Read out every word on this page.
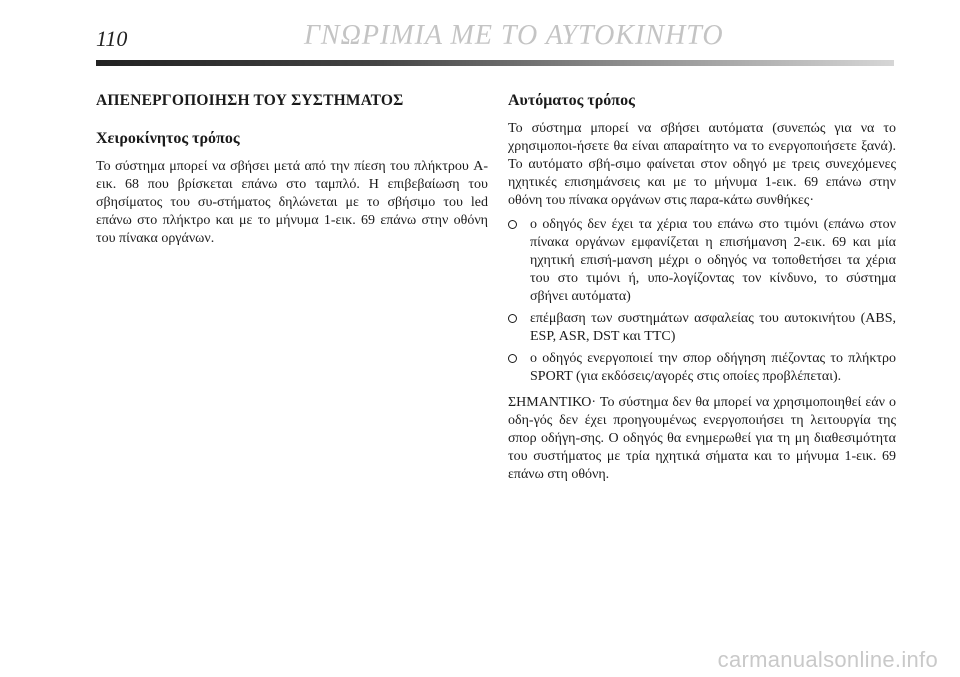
110	ΓΝΩΡΙΜΙΑ ΜΕ ΤΟ ΑΥΤΟΚΙΝΗΤΟ
ΑΠΕΝΕΡΓΟΠΟΙΗΣΗ ΤΟΥ ΣΥΣΤΗΜΑΤΟΣ
Χειροκίνητος τρόπος

Το σύστημα μπορεί να σβήσει μετά από την πίεση του πλήκτρου A-εικ. 68 που βρίσκεται επάνω στο ταμπλό. Η επιβεβαίωση του σβησίματος του συ-στήματος δηλώνεται με το σβήσιμο του led επάνω στο πλήκτρο και με το μήνυμα 1-εικ. 69 επάνω στην οθόνη του πίνακα οργάνων.

Αυτόματος τρόπος

Το σύστημα μπορεί να σβήσει αυτόματα (συνεπώς για να το χρησιμοποι-ήσετε θα είναι απαραίτητο να το ενεργοποιήσετε ξανά). Το αυτόματο σβή-σιμο φαίνεται στον οδηγό με τρεις συνεχόμενες ηχητικές επισημάνσεις και με το μήνυμα 1-εικ. 69 επάνω στην οθόνη του πίνακα οργάνων στις παρα-κάτω συνθήκες·

ο οδηγός δεν έχει τα χέρια του επάνω στο τιμόνι (επάνω στον πίνακα οργάνων εμφανίζεται η επισήμανση 2-εικ. 69 και μία ηχητική επισή-μανση μέχρι ο οδηγός να τοποθετήσει τα χέρια του στο τιμόνι ή, υπο-λογίζοντας τον κίνδυνο, το σύστημα σβήνει αυτόματα)
επέμβαση των συστημάτων ασφαλείας του αυτοκινήτου (ABS, ESP, ASR, DST και TTC)
ο οδηγός ενεργοποιεί την σπορ οδήγηση πιέζοντας το πλήκτρο SPORT (για εκδόσεις/αγορές στις οποίες προβλέπεται).

ΣΗΜΑΝΤΙΚΟ· Το σύστημα δεν θα μπορεί να χρησιμοποιηθεί εάν ο οδη-γός δεν έχει προηγουμένως ενεργοποιήσει τη λειτουργία της σπορ οδήγη-σης. Ο οδηγός θα ενημερωθεί για τη μη διαθεσιμότητα του συστήματος με τρία ηχητικά σήματα και το μήνυμα 1-εικ. 69 επάνω στη οθόνη.

carmanualsonline.info
